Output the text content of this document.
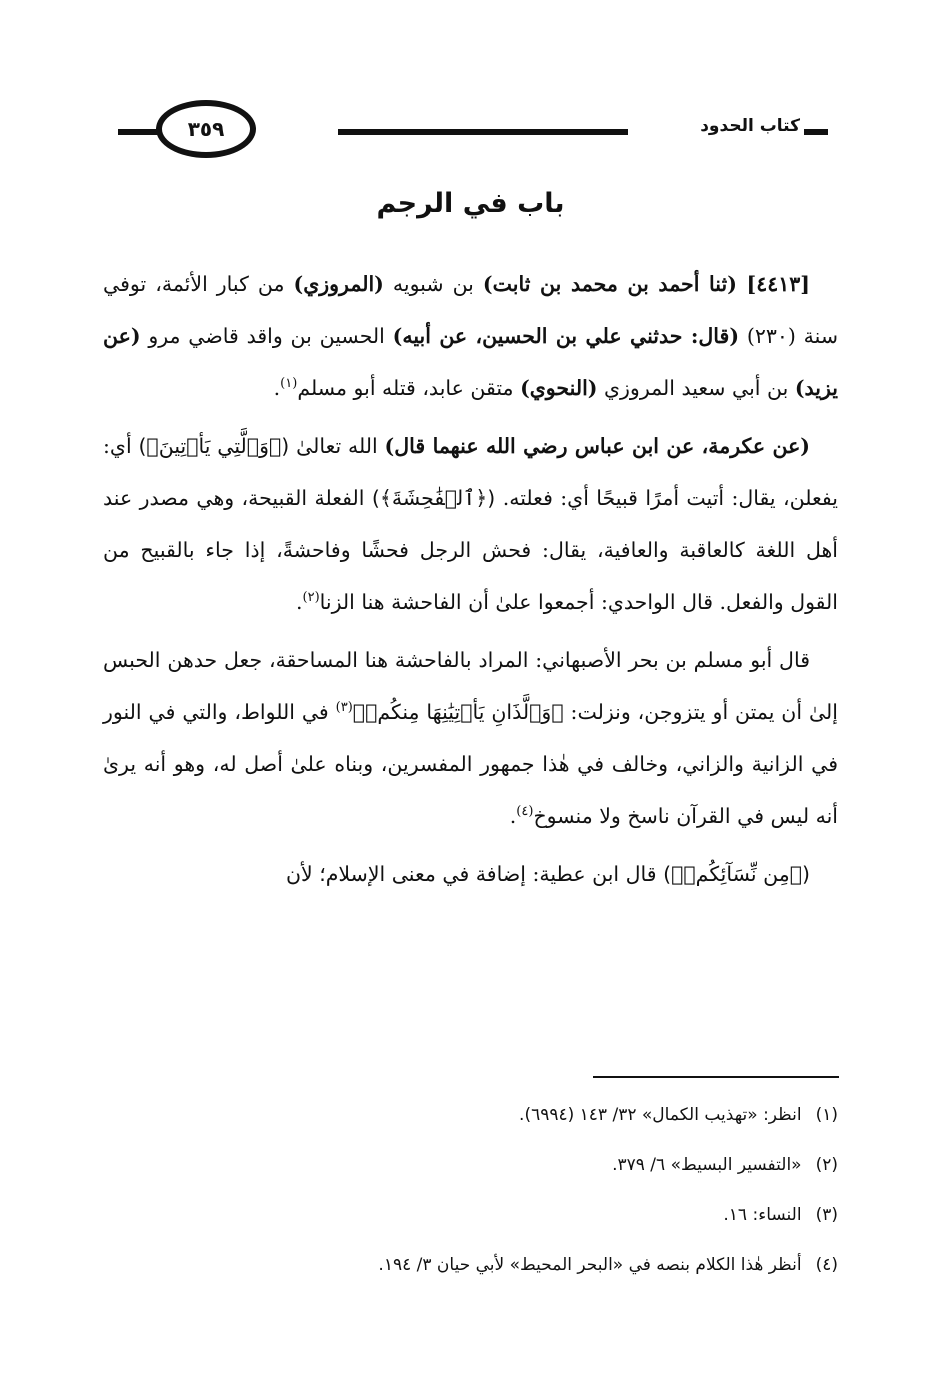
كتاب الحدود
٣٥٩
باب في الرجم

[٤٤١٣] (ثنا أحمد بن محمد بن ثابت) بن شبويه (المروزي) من كبار الأئمة، توفي سنة (٢٣٠) (قال: حدثني علي بن الحسين، عن أبيه) الحسين بن واقد قاضي مرو (عن يزيد) بن أبي سعيد المروزي (النحوي) متقن عابد، قتله أبو مسلم$^{(١)}$.

(عن عكرمة، عن ابن عباس رضي الله عنهما قال) الله تعالىٰ (﴿وَٱلَّتِي يَأۡتِينَ﴾) أي: يفعلن، يقال: أتيت أمرًا قبيحًا أي: فعلته. (﴿ٱلۡفَٰحِشَةَ﴾) الفعلة القبيحة، وهي مصدر عند أهل اللغة كالعاقبة والعافية، يقال: فحش الرجل فحشًا وفاحشةً، إذا جاء بالقبيح من القول والفعل. قال الواحدي: أجمعوا علىٰ أن الفاحشة هنا الزنا$^{(٢)}$.

قال أبو مسلم بن بحر الأصبهاني: المراد بالفاحشة هنا المساحقة، جعل حدهن الحبس إلىٰ أن يمتن أو يتزوجن، ونزلت: ﴿وَٱلَّذَانِ يَأۡتِيَٰنِهَا مِنكُمۡ﴾$^{(٣)}$ في اللواط، والتي في النور في الزانية والزاني، وخالف في هٰذا جمهور المفسرين، وبناه علىٰ أصل له، وهو أنه يرىٰ أنه ليس في القرآن ناسخ ولا منسوخ$^{(٤)}$.

(﴿مِن نِّسَآئِكُمۡ﴾) قال ابن عطية: إضافة في معنى الإسلام؛ لأن

(١)انظر: «تهذيب الكمال» ٣٢/ ١٤٣ (٦٩٩٤).

(٢)«التفسير البسيط» ٦/ ٣٧٩.

(٣)النساء: ١٦.

(٤)أنظر هٰذا الكلام بنصه في «البحر المحيط» لأبي حيان ٣/ ١٩٤.
